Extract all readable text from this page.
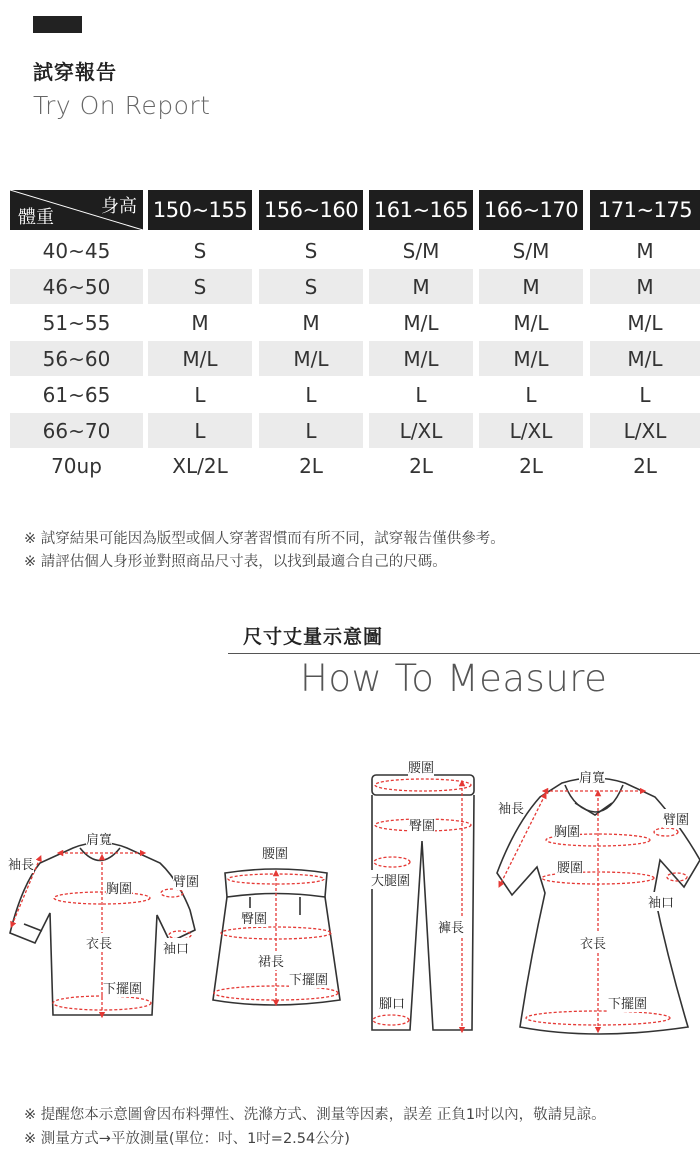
試穿報告
Try On Report
身高
體重	150~155 156~160 161~165 166~170 171~175
40~45	S	S	S/M	S/M	M
46~50	S	S	M	M	M
51~55	M	M	M/L	M/L	M/L
56~60	M/L	M/L	M/L	M/L	M/L
61~65	L	L	L	L	L
66~70	L	L	L/XL	L/XL	L/XL
70up	XL/2L	2L	2L	2L	2L
※ 試穿結果可能因為版型或個人穿著習慣而有所不同，試穿報告僅供參考。
※ 請評估個人身形並對照商品尺寸表，以找到最適合自己的尺碼。
尺寸丈量示意圖
How To Measure
肩寬
袖長
胸圍	臂圍
衣長	袖口
下擺圍
腰圍
臀圍
裙長
下擺圍
腰圍
臀圍
大腿圍
褲長
腳口
肩寬
袖長
胸圍
臂圍
腰圍
袖口
衣長
下擺圍
※ 提醒您本示意圖會因布料彈性、洗滌方式、測量等因素，誤差 正負1吋以內，敬請見諒。
※ 測量方式→平放測量(單位：吋、1吋=2.54公分)
